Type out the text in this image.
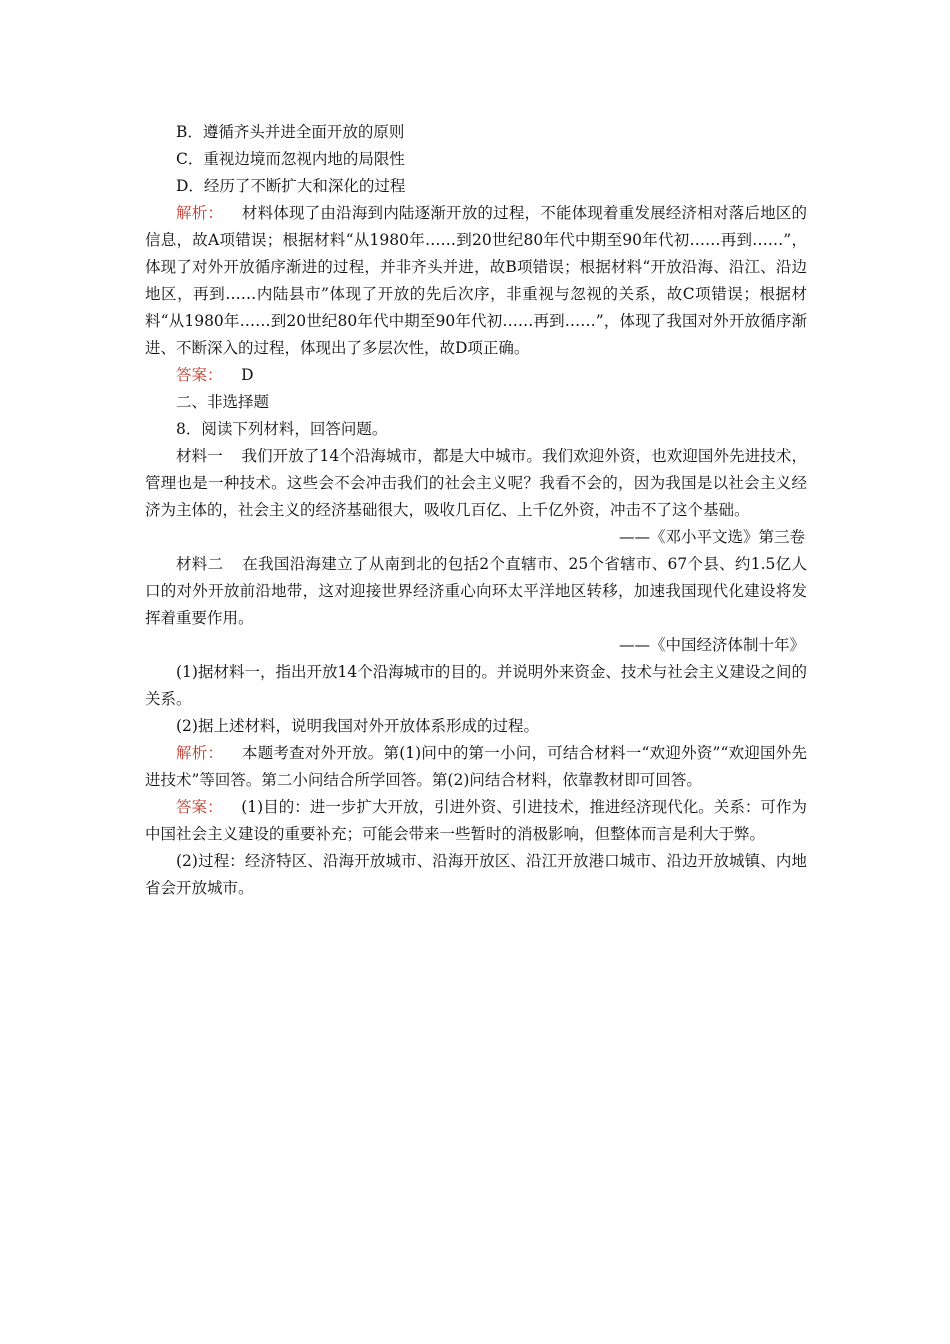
B．遵循齐头并进全面开放的原则

C．重视边境而忽视内地的局限性

D．经历了不断扩大和深化的过程

解析： 材料体现了由沿海到内陆逐渐开放的过程，不能体现着重发展经济相对落后地区的信息，故A项错误；根据材料“从1980年……到20世纪80年代中期至90年代初……再到……”，体现了对外开放循序渐进的过程，并非齐头并进，故B项错误；根据材料“开放沿海、沿江、沿边地区，再到……内陆县市”体现了开放的先后次序，非重视与忽视的关系，故C项错误；根据材料“从1980年……到20世纪80年代中期至90年代初……再到……”，体现了我国对外开放循序渐进、不断深入的过程，体现出了多层次性，故D项正确。

答案： D

二、非选择题

8．阅读下列材料，回答问题。

材料一 我们开放了14个沿海城市，都是大中城市。我们欢迎外资，也欢迎国外先进技术，管理也是一种技术。这些会不会冲击我们的社会主义呢？我看不会的，因为我国是以社会主义经济为主体的，社会主义的经济基础很大，吸收几百亿、上千亿外资，冲击不了这个基础。

——《邓小平文选》第三卷

材料二 在我国沿海建立了从南到北的包括2个直辖市、25个省辖市、67个县、约1.5亿人口的对外开放前沿地带，这对迎接世界经济重心向环太平洋地区转移，加速我国现代化建设将发挥着重要作用。

——《中国经济体制十年》

(1)据材料一，指出开放14个沿海城市的目的。并说明外来资金、技术与社会主义建设之间的关系。

(2)据上述材料，说明我国对外开放体系形成的过程。

解析： 本题考查对外开放。第(1)问中的第一小问，可结合材料一“欢迎外资”“欢迎国外先进技术”等回答。第二小问结合所学回答。第(2)问结合材料，依靠教材即可回答。

答案： (1)目的：进一步扩大开放，引进外资、引进技术，推进经济现代化。关系：可作为中国社会主义建设的重要补充；可能会带来一些暂时的消极影响，但整体而言是利大于弊。

(2)过程：经济特区、沿海开放城市、沿海开放区、沿江开放港口城市、沿边开放城镇、内地省会开放城市。
